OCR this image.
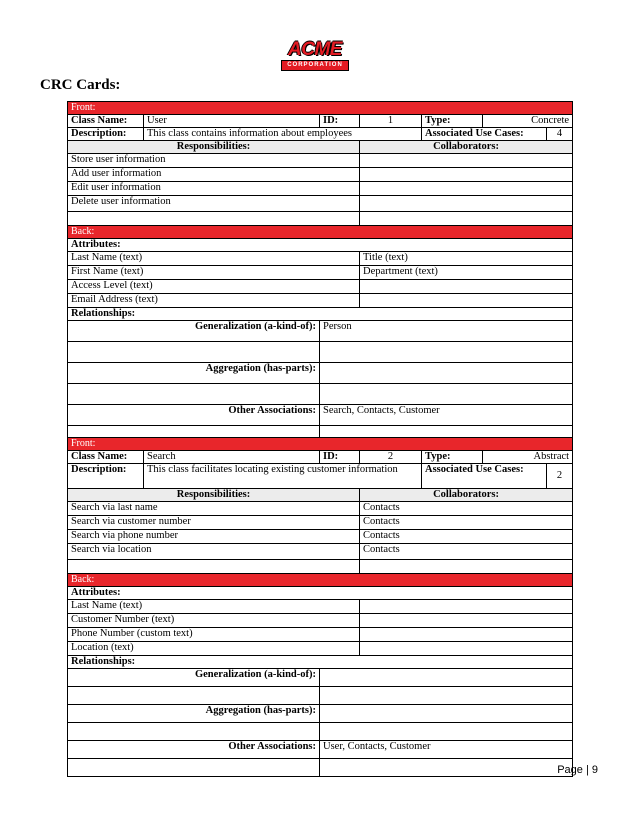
ACME
CORPORATION
CRC Cards:
Front:
Class Name:	User	ID:	1	Type:	Concrete
Description:	This class contains information about employees	Associated Use Cases:	4
Responsibilities:	Collaborators:
Store user information	
Add user information	
Edit user information	
Delete user information	

Back:
Attributes:
Last Name (text)	Title (text)
First Name (text)	Department (text)
Access Level (text)	
Email Address (text)	
Relationships:
Generalization (a-kind-of):	Person

Aggregation (has-parts):	

Other Associations:	Search, Contacts, Customer

Front:
Class Name:	Search	ID:	2	Type:	Abstract
Description:	This class facilitates locating existing customer information	Associated Use Cases:	2
Responsibilities:	Collaborators:
Search via last name	Contacts
Search via customer number	Contacts
Search via phone number	Contacts
Search via location	Contacts

Back:
Attributes:
Last Name (text)	
Customer Number (text)	
Phone Number (custom text)	
Location (text)	
Relationships:
Generalization (a-kind-of):	

Aggregation (has-parts):	

Other Associations:	User, Contacts, Customer

Page | 9
